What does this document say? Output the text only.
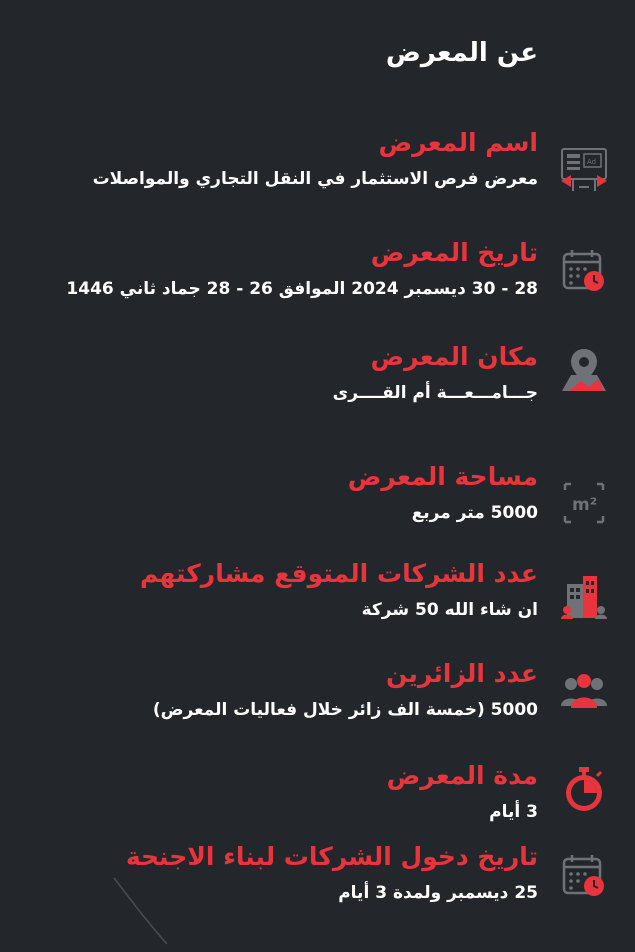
عن المعرض
اسم المعرض
معرض فرص الاستثمار في النقل التجاري والمواصلات
Ad
تاريخ المعرض
28 - 30 ديسمبر 2024 الموافق 26 - 28 جماد ثاني 1446
مكان المعرض
جـــامـــعـــة أم القــــرى
مساحة المعرض
5000 متر مربع m²
عدد الشركات المتوقع مشاركتهم
ان شاء الله 50 شركة
عدد الزائرين
5000 (خمسة الف زائر خلال فعاليات المعرض)
مدة المعرض
3 أيام
تاريخ دخول الشركات لبناء الاجنحة
25 ديسمبر ولمدة 3 أيام
